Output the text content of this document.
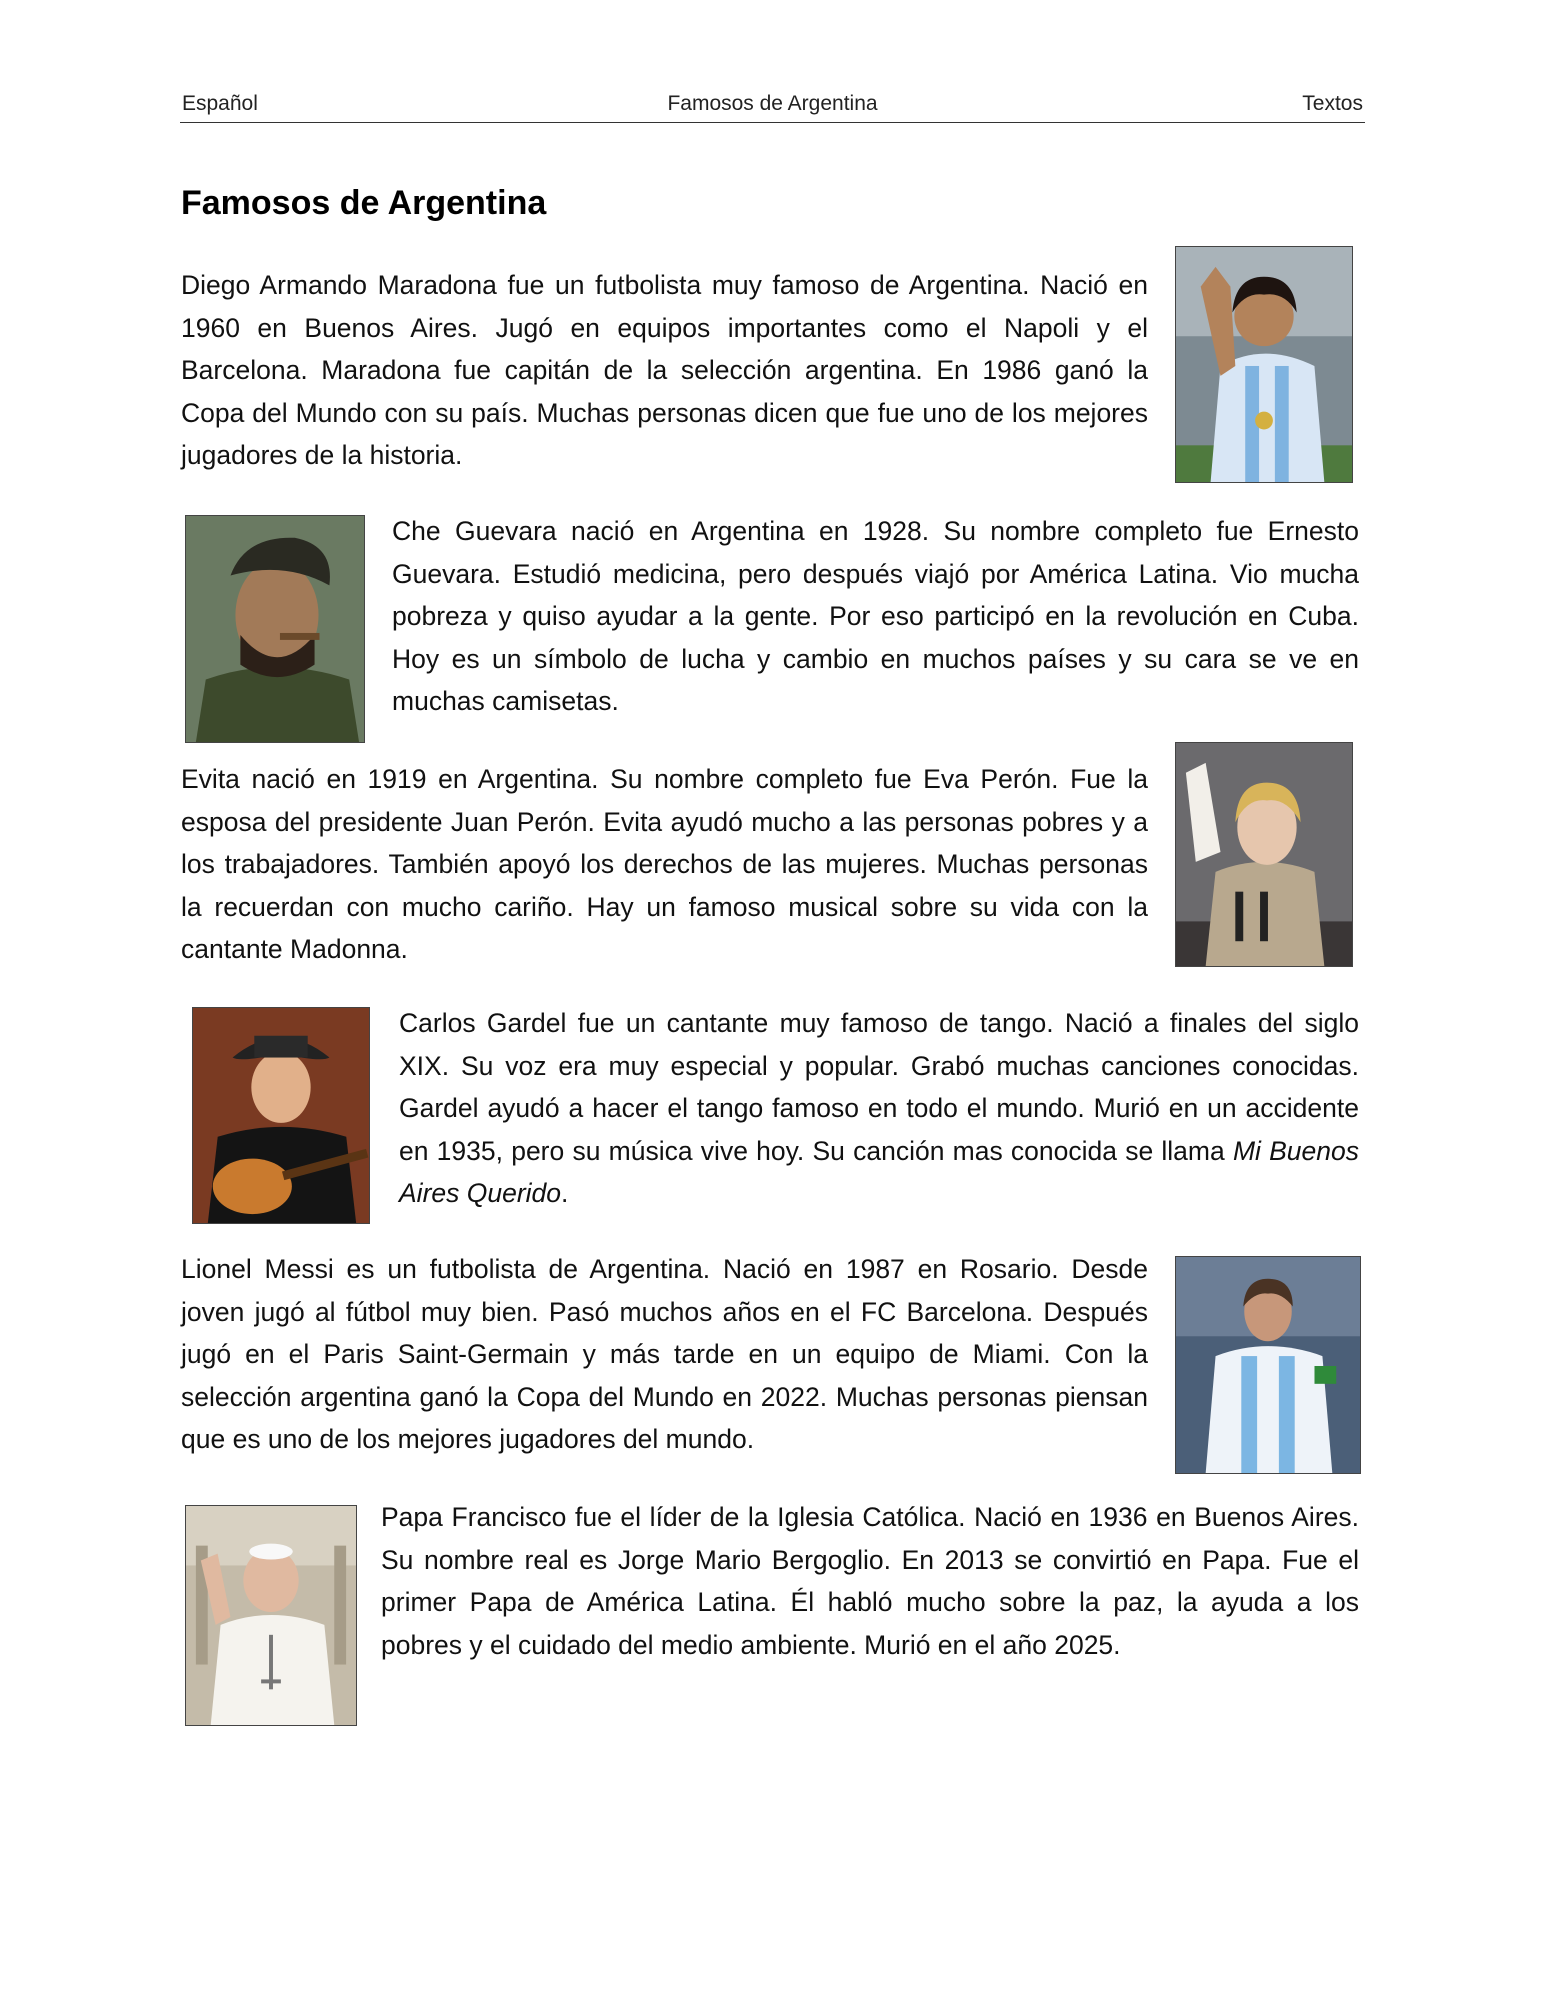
Español	Famosos de Argentina	Textos
Famosos de Argentina

Diego Armando Maradona fue un futbolista muy famoso de Argentina. Nació en 1960 en Buenos Aires. Jugó en equipos importantes como el Napoli y el Barcelona. Maradona fue capitán de la selección argentina. En 1986 ganó la Copa del Mundo con su país. Muchas personas dicen que fue uno de los mejores jugadores de la historia.

Che Guevara nació en Argentina en 1928. Su nombre completo fue Ernesto Guevara. Estudió medicina, pero después viajó por América Latina. Vio mucha pobreza y quiso ayudar a la gente. Por eso participó en la revolución en Cuba. Hoy es un símbolo de lucha y cambio en muchos países y su cara se ve en muchas camisetas.

Evita nació en 1919 en Argentina. Su nombre completo fue Eva Perón. Fue la esposa del presidente Juan Perón. Evita ayudó mucho a las personas pobres y a los trabajadores. También apoyó los derechos de las mujeres. Muchas personas la recuerdan con mucho cariño. Hay un famoso musical sobre su vida con la cantante Madonna.

Carlos Gardel fue un cantante muy famoso de tango. Nació a finales del siglo XIX. Su voz era muy especial y popular. Grabó muchas canciones conocidas. Gardel ayudó a hacer el tango famoso en todo el mundo. Murió en un accidente en 1935, pero su música vive hoy. Su canción mas conocida se llama Mi Buenos Aires Querido.

Lionel Messi es un futbolista de Argentina. Nació en 1987 en Rosario. Desde joven jugó al fútbol muy bien. Pasó muchos años en el FC Barcelona. Después jugó en el Paris Saint-Germain y más tarde en un equipo de Miami. Con la selección argentina ganó la Copa del Mundo en 2022. Muchas personas piensan que es uno de los mejores jugadores del mundo.

Papa Francisco fue el líder de la Iglesia Católica. Nació en 1936 en Buenos Aires. Su nombre real es Jorge Mario Bergoglio. En 2013 se convirtió en Papa. Fue el primer Papa de América Latina. Él habló mucho sobre la paz, la ayuda a los pobres y el cuidado del medio ambiente. Murió en el año 2025.
